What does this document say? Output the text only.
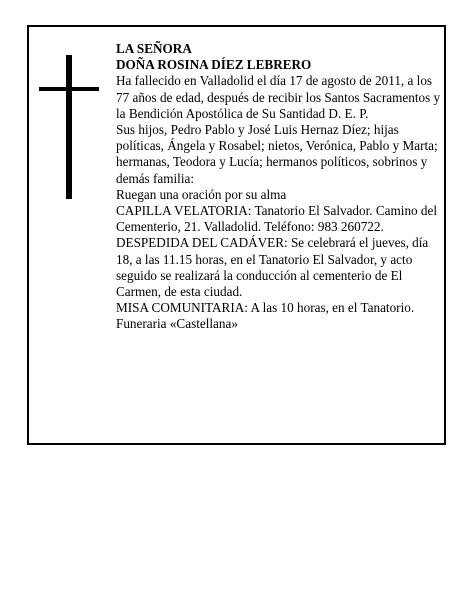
LA SEÑORA

DOÑA ROSINA DÍEZ LEBRERO

Ha fallecido en Valladolid el día 17 de agosto de 2011, a los 77 años de edad, después de recibir los Santos Sacramentos y la Bendición Apostólica de Su Santidad D. E. P.

Sus hijos, Pedro Pablo y José Luis Hernaz Díez; hijas políticas, Ángela y Rosabel; nietos, Verónica, Pablo y Marta; hermanas, Teodora y Lucía; hermanos políticos, sobrinos y demás familia:

Ruegan una oración por su alma

CAPILLA VELATORIA: Tanatorio El Salvador. Camino del Cementerio, 21. Valladolid. Teléfono: 983 260722.

DESPEDIDA DEL CADÁVER: Se celebrará el jueves, día 18, a las 11.15 horas, en el Tanatorio El Salvador, y acto seguido se realizará la conducción al cementerio de El Carmen, de esta ciudad.

MISA COMUNITARIA: A las 10 horas, en el Tanatorio.

Funeraria «Castellana»
